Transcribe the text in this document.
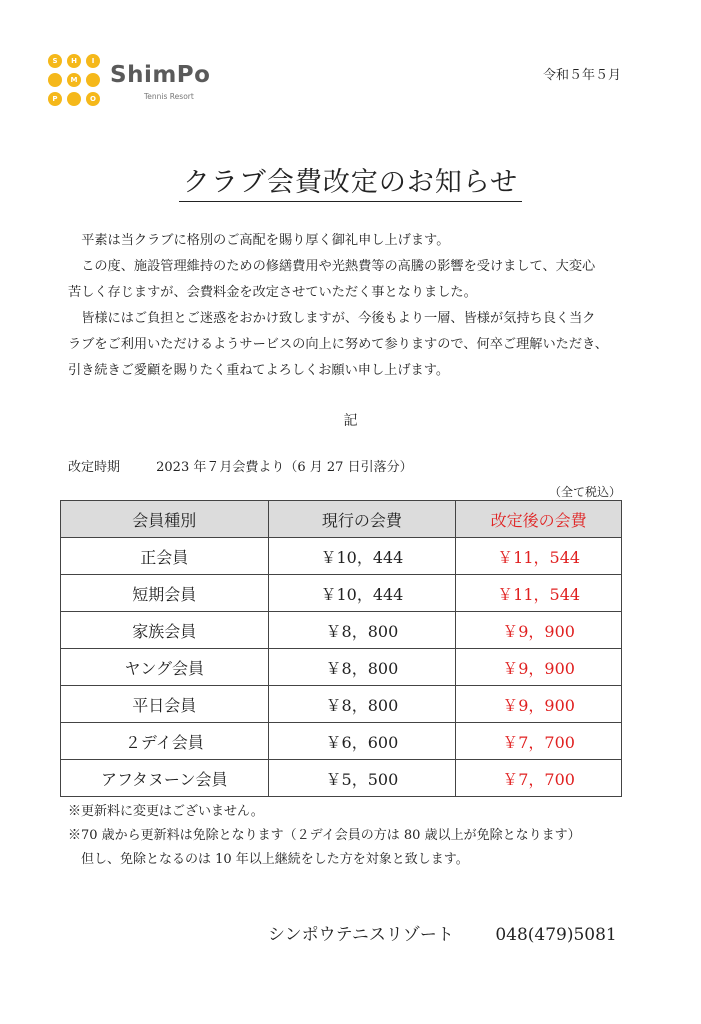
S	H	I
M
P	O
ShimPo
Tennis Resort
令和５年５月
クラブ会費改定のお知らせ

平素は当クラブに格別のご高配を賜り厚く御礼申し上げます。

この度、施設管理維持のための修繕費用や光熱費等の高騰の影響を受けまして、大変心
苦しく存じますが、会費料金を改定させていただく事となりました。

皆様にはご負担とご迷惑をおかけ致しますが、今後もより一層、皆様が気持ち良く当ク
ラブをご利用いただけるようサービスの向上に努めて参りますので、何卒ご理解いただき、
引き続きご愛顧を賜りたく重ねてよろしくお願い申し上げます。

記
改定時期	2023 年７月会費より（6 月 27 日引落分）
（全て税込）
会員種別	現行の会費	改定後の会費
正会員	￥10，444	￥11，544
短期会員	￥10，444	￥11，544
家族会員	￥8，800	￥9，900
ヤング会員	￥8，800	￥9，900
平日会員	￥8，800	￥9，900
２デイ会員	￥6，600	￥7，700
アフタヌーン会員	￥5，500	￥7，700

※更新料に変更はございません。

※70 歳から更新料は免除となります（２デイ会員の方は 80 歳以上が免除となります）

　但し、免除となるのは 10 年以上継続をした方を対象と致します。

シンポウテニスリゾート 048(479)5081
